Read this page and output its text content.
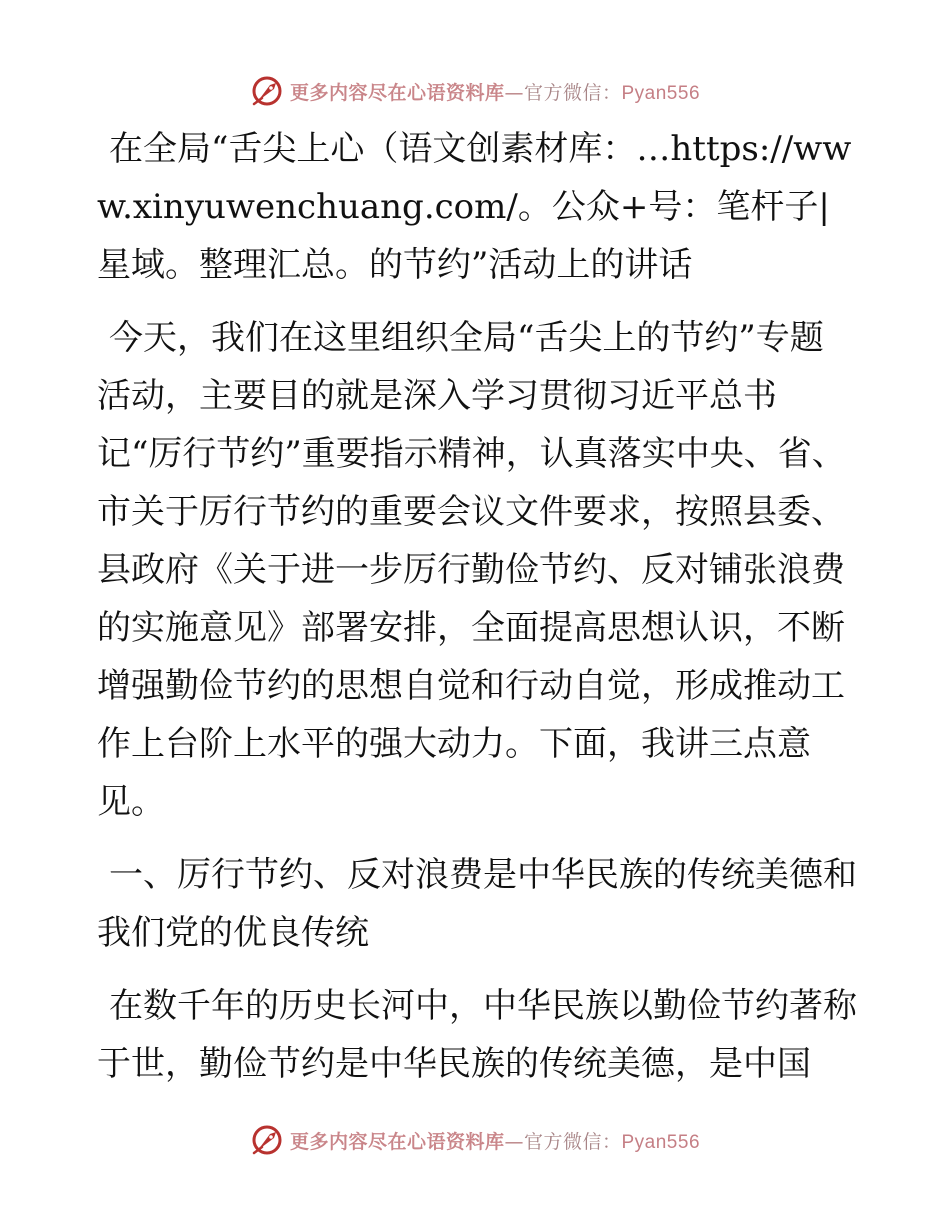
更多内容尽在心语资料库—官方微信：Pyan556

在全局“舌尖上心（语文创素材库：…https://www.xinyuwenchuang.com/。公众+号：笔杆子|星域。整理汇总。的节约”活动上的讲话

今天，我们在这里组织全局“舌尖上的节约”专题活动，主要目的就是深入学习贯彻习近平总书记“厉行节约”重要指示精神，认真落实中央、省、市关于厉行节约的重要会议文件要求，按照县委、县政府《关于进一步厉行勤俭节约、反对铺张浪费的实施意见》部署安排，全面提高思想认识，不断增强勤俭节约的思想自觉和行动自觉，形成推动工作上台阶上水平的强大动力。下面，我讲三点意见。

一、厉行节约、反对浪费是中华民族的传统美德和我们党的优良传统

在数千年的历史长河中，中华民族以勤俭节约著称于世，勤俭节约是中华民族的传统美德，是中国

更多内容尽在心语资料库—官方微信：Pyan556
